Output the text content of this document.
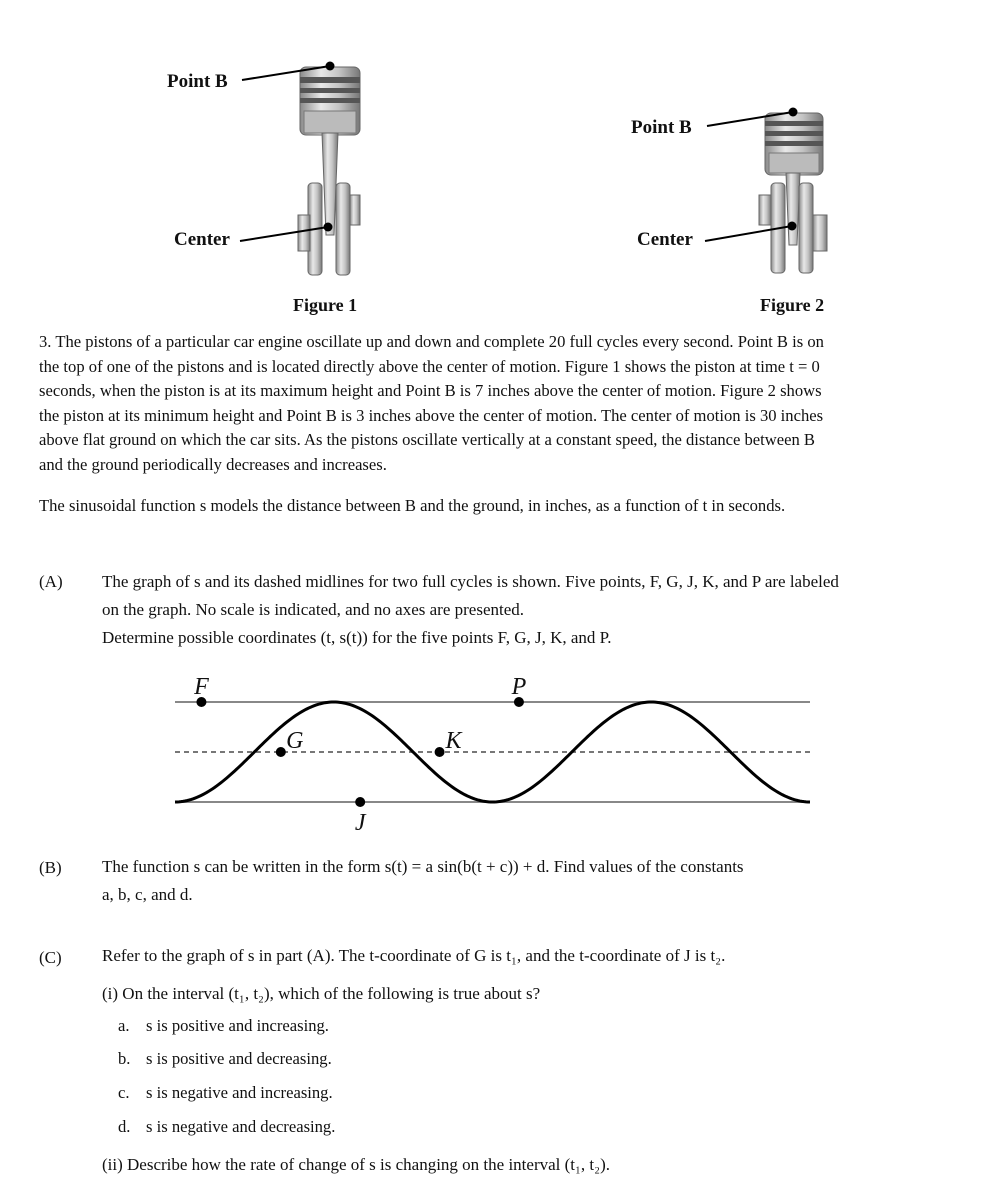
Point B
Center
Figure 1
Point B
Center
Figure 2
3. The pistons of a particular car engine oscillate up and down and complete 20 full cycles every second. Point B is on
the top of one of the pistons and is located directly above the center of motion. Figure 1 shows the piston at time t = 0
seconds, when the piston is at its maximum height and Point B is 7 inches above the center of motion. Figure 2 shows
the piston at its minimum height and Point B is 3 inches above the center of motion. The center of motion is 30 inches
above flat ground on which the car sits. As the pistons oscillate vertically at a constant speed, the distance between B
and the ground periodically decreases and increases.
The sinusoidal function s models the distance between B and the ground, in inches, as a function of t in seconds.
(A) The graph of s and its dashed midlines for two full cycles is shown. Five points, F, G, J, K, and P are labeled
on the graph. No scale is indicated, and no axes are presented.
Determine possible coordinates (t, s(t)) for the five points F, G, J, K, and P.
F
G
J
K
P
(B) The function s can be written in the form s(t) = a sin(b(t + c)) + d. Find values of the constants
a, b, c, and d.
(C) Refer to the graph of s in part (A). The t-coordinate of G is t₁, and the t-coordinate of J is t₂.
(i) On the interval (t₁, t₂), which of the following is true about s?
a. s is positive and increasing.
b. s is positive and decreasing.
c. s is negative and increasing.
d. s is negative and decreasing.
(ii) Describe how the rate of change of s is changing on the interval (t₁, t₂).
